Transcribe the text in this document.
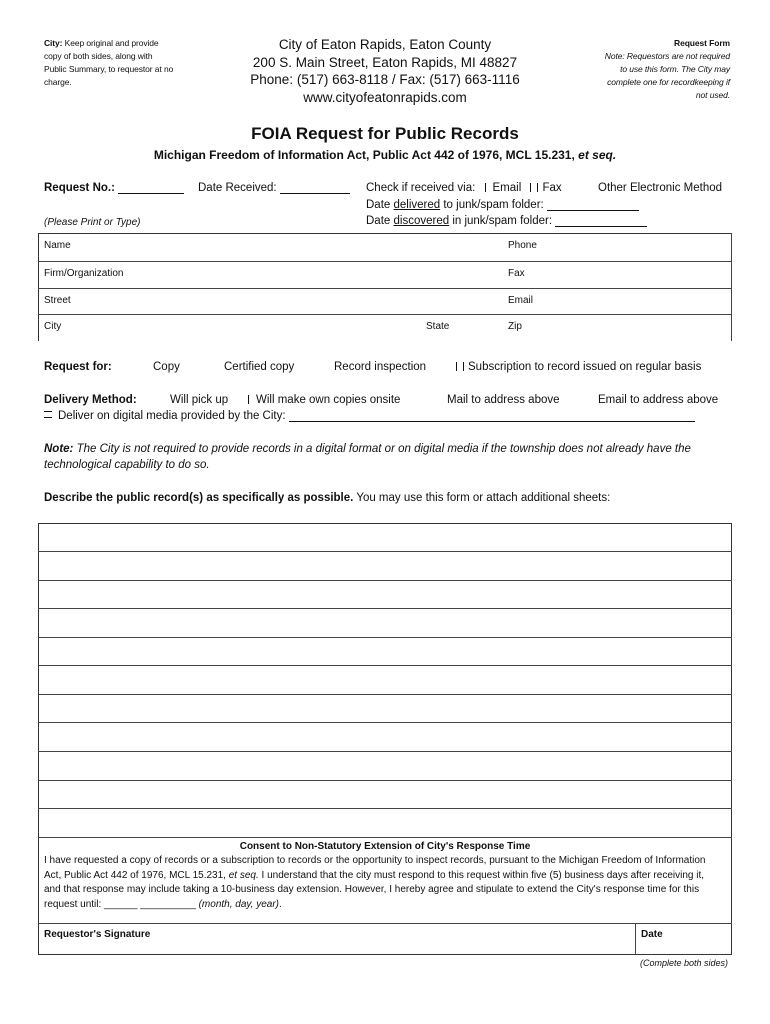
City: Keep original and provide copy of both sides, along with Public Summary, to requestor at no charge.
City of Eaton Rapids, Eaton County
200 S. Main Street, Eaton Rapids, MI 48827
Phone: (517) 663-8118 / Fax: (517) 663-1116
www.cityofeatonrapids.com
Request Form
Note: Requestors are not required to use this form. The City may complete one for recordkeeping if not used.
FOIA Request for Public Records
Michigan Freedom of Information Act, Public Act 442 of 1976, MCL 15.231, et seq.
Request No.:	Date Received:	Check if received via: Email Fax	Other Electronic Method
Date delivered to junk/spam folder:
Date discovered in junk/spam folder:
(Please Print or Type)
Name	Phone
Firm/Organization	Fax
Street	Email
City	State	Zip
Request for:	Copy	Certified copy	Record inspection	Subscription to record issued on regular basis
Delivery Method:	Will pick up	Will make own copies onsite	Mail to address above	Email to address above
Deliver on digital media provided by the City:
Note: The City is not required to provide records in a digital format or on digital media if the township does not already have the technological capability to do so.
Describe the public record(s) as specifically as possible. You may use this form or attach additional sheets:
Consent to Non-Statutory Extension of City's Response Time
I have requested a copy of records or a subscription to records or the opportunity to inspect records, pursuant to the Michigan Freedom of Information Act, Public Act 442 of 1976, MCL 15.231, et seq. I understand that the city must respond to this request within five (5) business days after receiving it, and that response may include taking a 10-business day extension. However, I hereby agree and stipulate to extend the City's response time for this request until: ______ __________ (month, day, year).
Requestor's Signature	Date
(Complete both sides)
